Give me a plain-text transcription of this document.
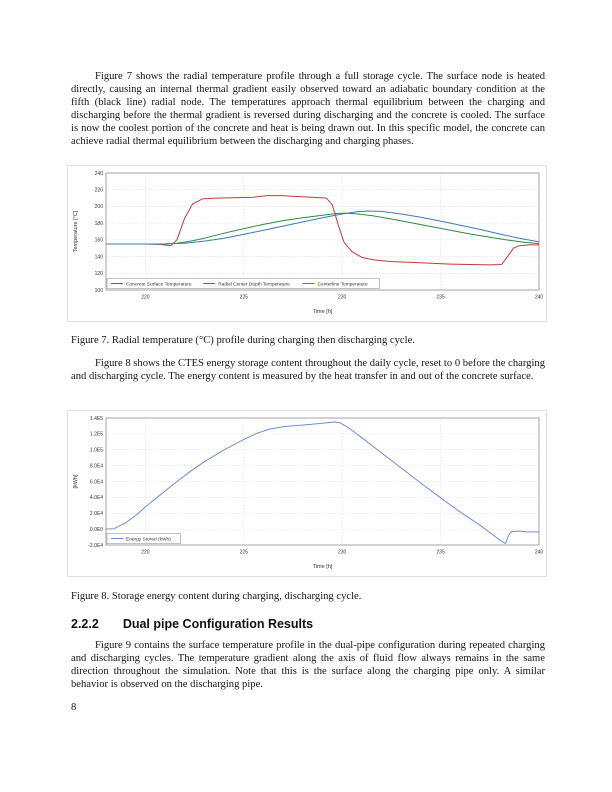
Figure 7 shows the radial temperature profile through a full storage cycle. The surface node is heated directly, causing an internal thermal gradient easily observed toward an adiabatic boundary condition at the fifth (black line) radial node. The temperatures approach thermal equilibrium between the charging and discharging before the thermal gradient is reversed during discharging and the concrete is cooled. The surface is now the coolest portion of the concrete and heat is being drawn out. In this specific model, the concrete can achieve radial thermal equilibrium between the discharging and charging phases.

220	225	230	235	240
100
120
140
160
180
200
220
240
Time [h]
Temperature [°C]
Concrete Surface Temperature	Radial Center Depth Temperature	Centerline Temperature

Figure 7. Radial temperature (°C) profile during charging then discharging cycle.

Figure 8 shows the CTES energy storage content throughout the daily cycle, reset to 0 before the charging and discharging cycle. The energy content is measured by the heat transfer in and out of the concrete surface.

220	225	230	235	240
-2.0E4
0.0E0
2.0E4
4.0E4
6.0E4
8.0E4
1.0E5
1.2E5
1.4E5
Time [h]
[kWh]
Energy Stored (kWh)

Figure 8. Storage energy content during charging, discharging cycle.

2.2.2 Dual pipe Configuration Results

Figure 9 contains the surface temperature profile in the dual-pipe configuration during repeated charging and discharging cycles. The temperature gradient along the axis of fluid flow always remains in the same direction throughout the simulation. Note that this is the surface along the charging pipe only. A similar behavior is observed on the discharging pipe.

8
